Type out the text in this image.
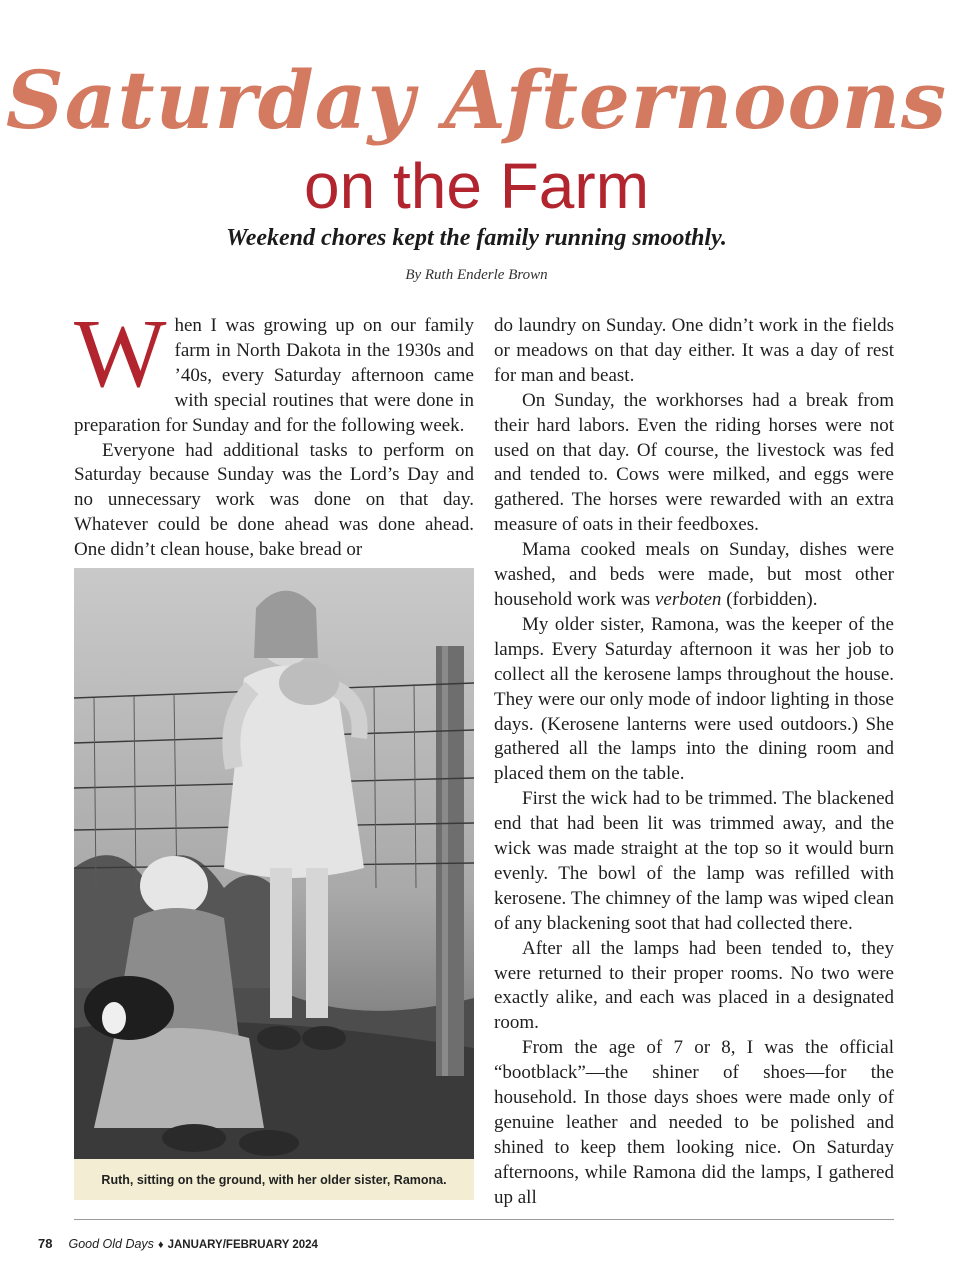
Saturday Afternoons
on the Farm
Weekend chores kept the family running smoothly.
By Ruth Enderle Brown

When I was growing up on our family farm in North Dakota in the 1930s and ’40s, every Saturday afternoon came with special routines that were done in preparation for Sunday and for the following week.

Everyone had additional tasks to perform on Saturday because Sunday was the Lord’s Day and no unnecessary work was done on that day. Whatever could be done ahead was done ahead. One didn’t clean house, bake bread or

Ruth, sitting on the ground, with her older sister, Ramona.

do laundry on Sunday. One didn’t work in the fields or meadows on that day either. It was a day of rest for man and beast.

On Sunday, the workhorses had a break from their hard labors. Even the riding horses were not used on that day. Of course, the livestock was fed and tended to. Cows were milked, and eggs were gathered. The horses were rewarded with an extra measure of oats in their feedboxes.

Mama cooked meals on Sunday, dishes were washed, and beds were made, but most other household work was verboten (forbidden).

My older sister, Ramona, was the keeper of the lamps. Every Saturday afternoon it was her job to collect all the kerosene lamps throughout the house. They were our only mode of indoor lighting in those days. (Kerosene lanterns were used outdoors.) She gathered all the lamps into the dining room and placed them on the table.

First the wick had to be trimmed. The blackened end that had been lit was trimmed away, and the wick was made straight at the top so it would burn evenly. The bowl of the lamp was refilled with kerosene. The chimney of the lamp was wiped clean of any blackening soot that had collected there.

After all the lamps had been tended to, they were returned to their proper rooms. No two were exactly alike, and each was placed in a designated room.

From the age of 7 or 8, I was the official “bootblack”—the shiner of shoes—for the household. In those days shoes were made only of genuine leather and needed to be polished and shined to keep them looking nice. On Saturday afternoons, while Ramona did the lamps, I gathered up all

78 Good Old Days ♦ JANUARY/FEBRUARY 2024
